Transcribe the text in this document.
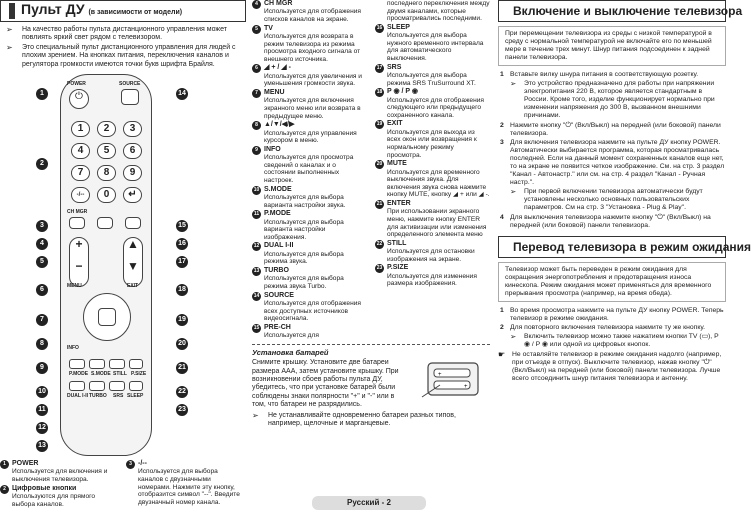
Пульт ДУ (в зависимости от модели)
➢ На качество работы пульта дистанционного управления может повлиять яркий свет рядом с телевизором.
➢ Это специальный пульт дистанционного управления для людей с плохим зрением. На кнопках питания, переключения каналов и регулятора громкости имеются точки букв шрифта Брайля.
POWER
⏻
SOURCE
1	2	3
4	5	6
7	8	9
-/--	0	↵
CH MGR
+
−
▲
▼
MENU	EXIT
INFO
P.MODE S.MODE STILL P.SIZE
DUAL I-II TURBO SRS SLEEP
1
2
3
4
5
6
7
8
9
10
11
12
13
14
15
16
17
18
19
20
21
22
23
1 POWER
Используется для включения и выключения телевизора.
2 Цифровые кнопки
Используются для прямого выбора каналов.
3 -/--
Используется для выбора каналов с двузначными номерами. Нажмите эту кнопку, отобразится символ "--". Введите двузначный номер канала.
4 CH MGR
Используется для отображения списков каналов на экране.
5 TV
Используется для возврата в режим телевизора из режима просмотра входного сигнала от внешнего источника.
6 ◢ + / ◢ -
Используется для увеличения и уменьшения громкости звука.
7 MENU
Используется для включения экранного меню или возврата в предыдущее меню.
8 ▲/▼/◀/▶
Используется для управления курсором в меню.
9 INFO
Используется для просмотра сведений о каналах и о состоянии выполненных настроек.
10 S.MODE
Используется для выбора варианта настройки звука.
11 P.MODE
Используется для выбора варианта настройки изображения.
12 DUAL I-II
Используется для выбора режима звука.
13 TURBO
Используется для выбора режима звука Turbo.
14 SOURCE
Используется для отображения всех доступных источников видеосигнала.
15 PRE-CH
Используется для
последнего переключения между двумя каналами, которые просматривались последними.
16 SLEEP
Используется для выбора нужного временного интервала для автоматического выключения.
17 SRS
Используется для выбора режима SRS TruSurround XT.
18 P ◉ / P ◉
Используется для отображения следующего или предыдущего сохраненного канала.
19 EXIT
Используется для выхода из всех окон или возвращения к нормальному режиму просмотра.
20 MUTE
Используется для временного выключения звука. Для включения звука снова нажмите кнопку MUTE, кнопку ◢ + или ◢ -.
21 ENTER
При использовании экранного меню, нажмите кнопку ENTER для активизации или изменения определенного элемента меню
22 STILL
Используется для остановки изображения на экране.
23 P.SIZE
Используется для изменения размера изображения.
Установка батарей
Снимите крышку. Установите две батареи размера AAA, затем установите крышку. При возникновении сбоев работы пульта ДУ, убедитесь, что при установке батарей были соблюдены знаки полярности "+" и "-" или в том, что батареи не разрядились.
+
+
➢ Не устанавливайте одновременно батареи разных типов, например, щелочные и марганцевые.
Русский - 2
Включение и выключение телевизора
При перемещении телевизора из среды с низкой температурой в среду с нормальной температурой не включайте его по меньшей мере в течение трех минут. Шнур питания подсоединен к задней панели телевизора.
1 Вставьте вилку шнура питания в соответствующую розетку.
➢ Это устройство предназначено для работы при напряжении электропитания 220 В, которое является стандартным в России. Кроме того, изделие функционирует нормально при изменении напряжения до 300 В, вызванном внешними причинами.
2 Нажмите кнопку "⏻" (Вкл/Выкл) на передней (или боковой) панели телевизора.
3 Для включения телевизора нажмите на пульте ДУ кнопку POWER. Автоматически выбирается программа, которая просматривалась последней. Если на данный момент сохраненных каналов еще нет, то на экране не появится четкое изображение. См. на стр. 3 раздел "Канал - Автонастр." или см. на стр. 4 раздел "Канал - Ручная настр.".
➢ При первой включении телевизора автоматически будут установлены несколько основных пользовательских параметров. См на стр. 3 "Установка - Plug & Play".
4 Для выключения телевизора нажмите кнопку "⏻" (Вкл/Выкл) на передней (или боковой) панели телевизора.
Перевод телевизора в режим ожидания
Телевизор может быть переведен в режим ожидания для сокращения энергопотребления и предотвращения износа кинескопа. Режим ожидания может применяться для временного прерывания просмотра (например, на время обеда).
1 Во время просмотра нажмите на пульте ДУ кнопку POWER. Теперь телевизор в режиме ожидания.
2 Для повторного включения телевизора нажмите ту же кнопку.
➢ Включить телевизор можно также нажатием кнопки TV (▭), P ◉ / P ◉ или одной из цифровых кнопок.
☛ Не оставляйте телевизор в режиме ожидания надолго (например, при отъезде в отпуск). Выключите телевизор, нажав кнопку "⏻" (Вкл/Выкл) на передней (или боковой) панели телевизора. Лучше всего отсоединить шнур питания телевизора и антенну.
